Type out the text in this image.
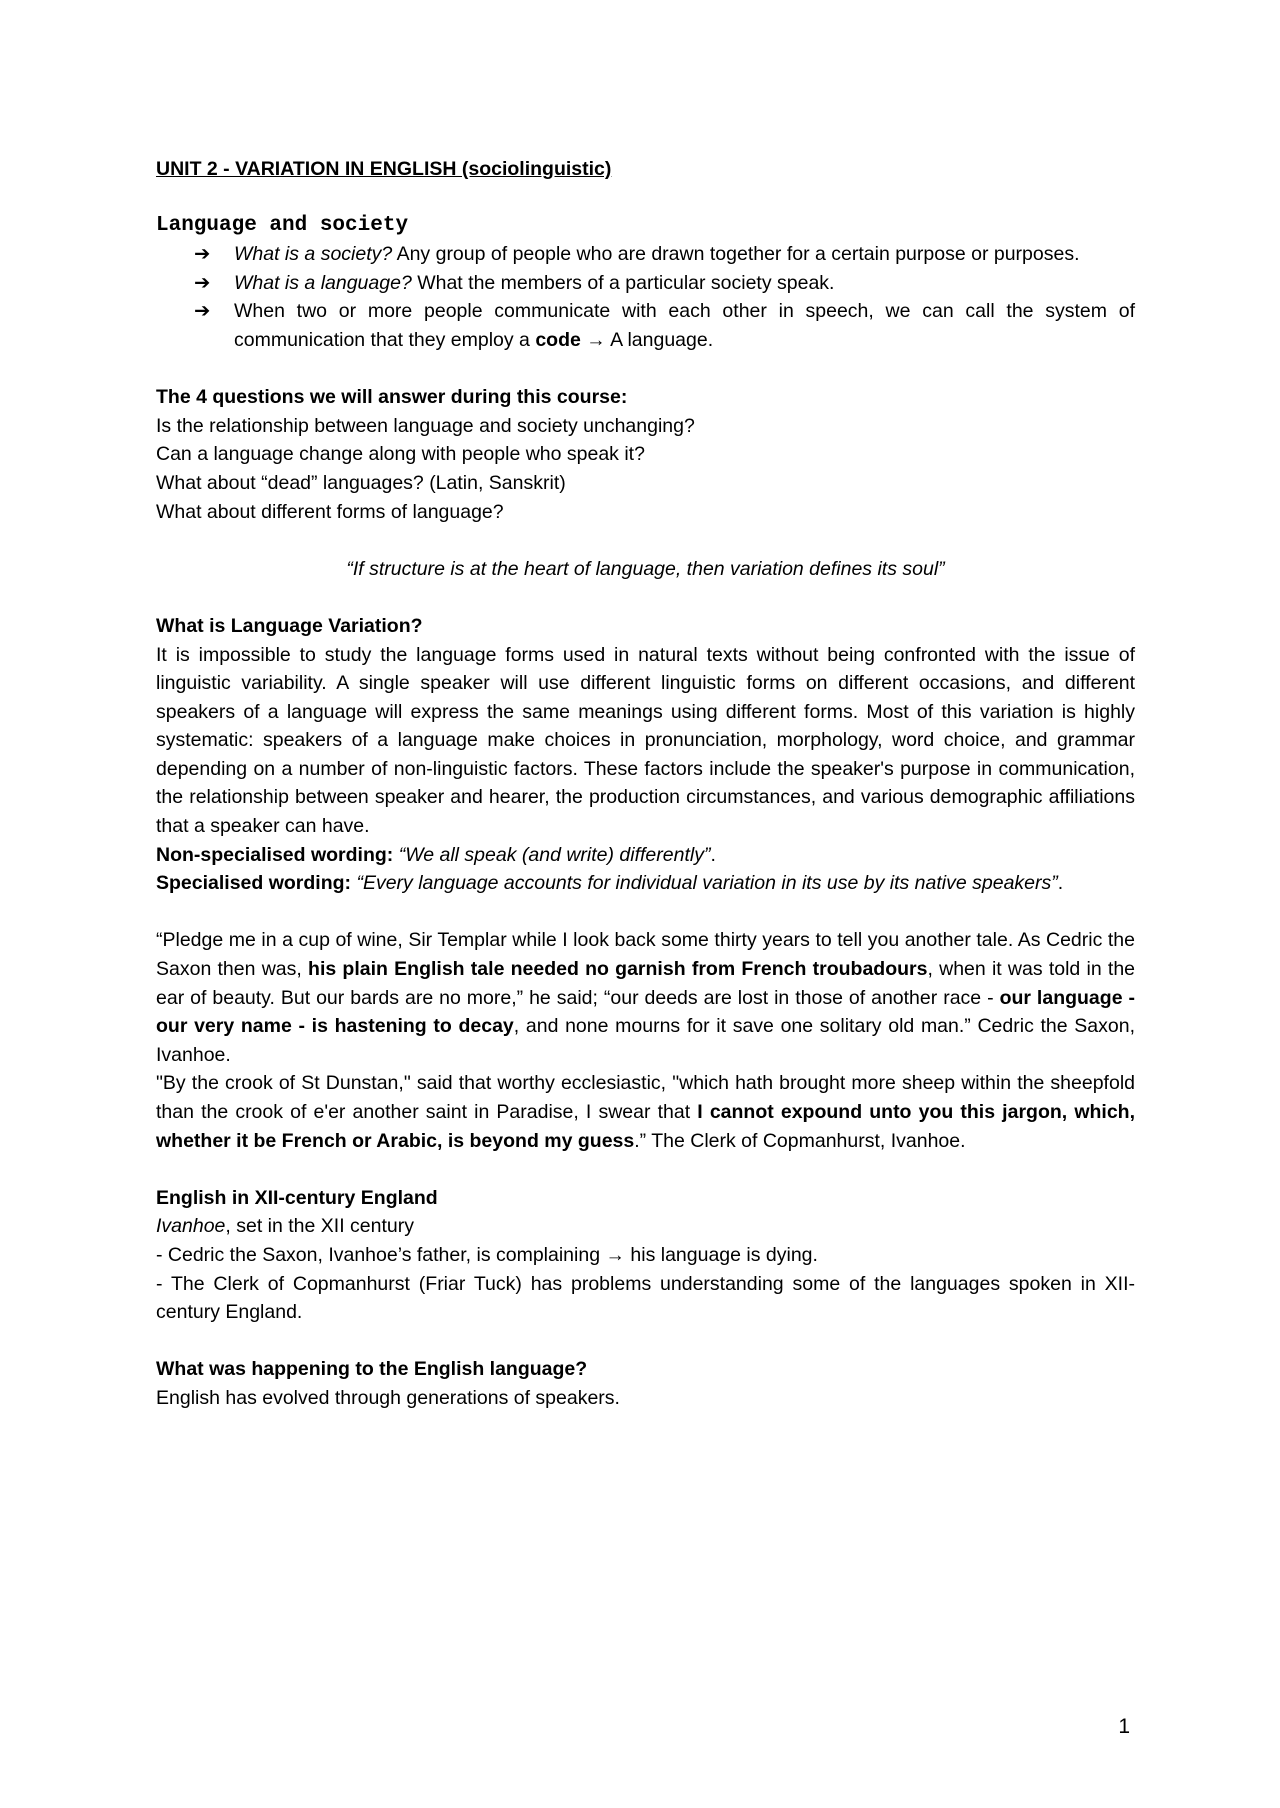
UNIT 2 - VARIATION IN ENGLISH (sociolinguistic)

Language and society
➔ What is a society? Any group of people who are drawn together for a certain purpose or purposes.
➔ What is a language? What the members of a particular society speak.
➔ When two or more people communicate with each other in speech, we can call the system of communication that they employ a code → A language.

The 4 questions we will answer during this course:

Is the relationship between language and society unchanging?

Can a language change along with people who speak it?

What about “dead” languages? (Latin, Sanskrit)

What about different forms of language?

“If structure is at the heart of language, then variation defines its soul”

What is Language Variation?

It is impossible to study the language forms used in natural texts without being confronted with the issue of linguistic variability. A single speaker will use different linguistic forms on different occasions, and different speakers of a language will express the same meanings using different forms. Most of this variation is highly systematic: speakers of a language make choices in pronunciation, morphology, word choice, and grammar depending on a number of non-linguistic factors. These factors include the speaker's purpose in communication, the relationship between speaker and hearer, the production circumstances, and various demographic affiliations that a speaker can have.

Non-specialised wording: “We all speak (and write) differently”.

Specialised wording: “Every language accounts for individual variation in its use by its native speakers”.

“Pledge me in a cup of wine, Sir Templar while I look back some thirty years to tell you another tale. As Cedric the Saxon then was, his plain English tale needed no garnish from French troubadours, when it was told in the ear of beauty. But our bards are no more,” he said; “our deeds are lost in those of another race - our language - our very name - is hastening to decay, and none mourns for it save one solitary old man.” Cedric the Saxon, Ivanhoe.

"By the crook of St Dunstan," said that worthy ecclesiastic, "which hath brought more sheep within the sheepfold than the crook of e'er another saint in Paradise, I swear that I cannot expound unto you this jargon, which, whether it be French or Arabic, is beyond my guess.” The Clerk of Copmanhurst, Ivanhoe.

English in XII-century England

Ivanhoe, set in the XII century

- Cedric the Saxon, Ivanhoe’s father, is complaining → his language is dying.

- The Clerk of Copmanhurst (Friar Tuck) has problems understanding some of the languages spoken in XII-century England.

What was happening to the English language?

English has evolved through generations of speakers.

1
